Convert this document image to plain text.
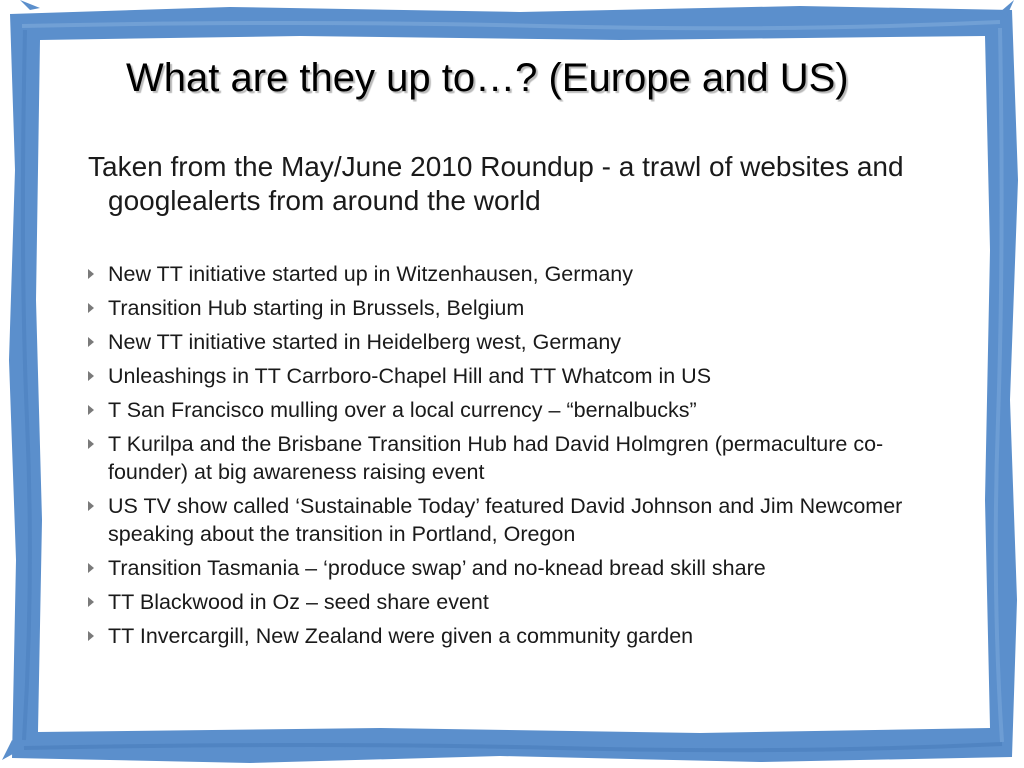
What are they up to…? (Europe and US)

Taken from the May/June 2010 Roundup - a trawl of websites and googlealerts from around the world

New TT initiative started up in Witzenhausen, Germany
Transition Hub starting in Brussels, Belgium
New TT initiative started in Heidelberg west, Germany
Unleashings in TT Carrboro-Chapel Hill and TT Whatcom in US
T San Francisco mulling over a local currency – “bernalbucks”
T Kurilpa and the Brisbane Transition Hub had David Holmgren (permaculture co-founder) at big awareness raising event
US TV show called ‘Sustainable Today’ featured David Johnson and Jim Newcomer speaking about the transition in Portland, Oregon
Transition Tasmania – ‘produce swap’ and no-knead bread skill share
TT Blackwood in Oz – seed share event
TT Invercargill, New Zealand were given a community garden
